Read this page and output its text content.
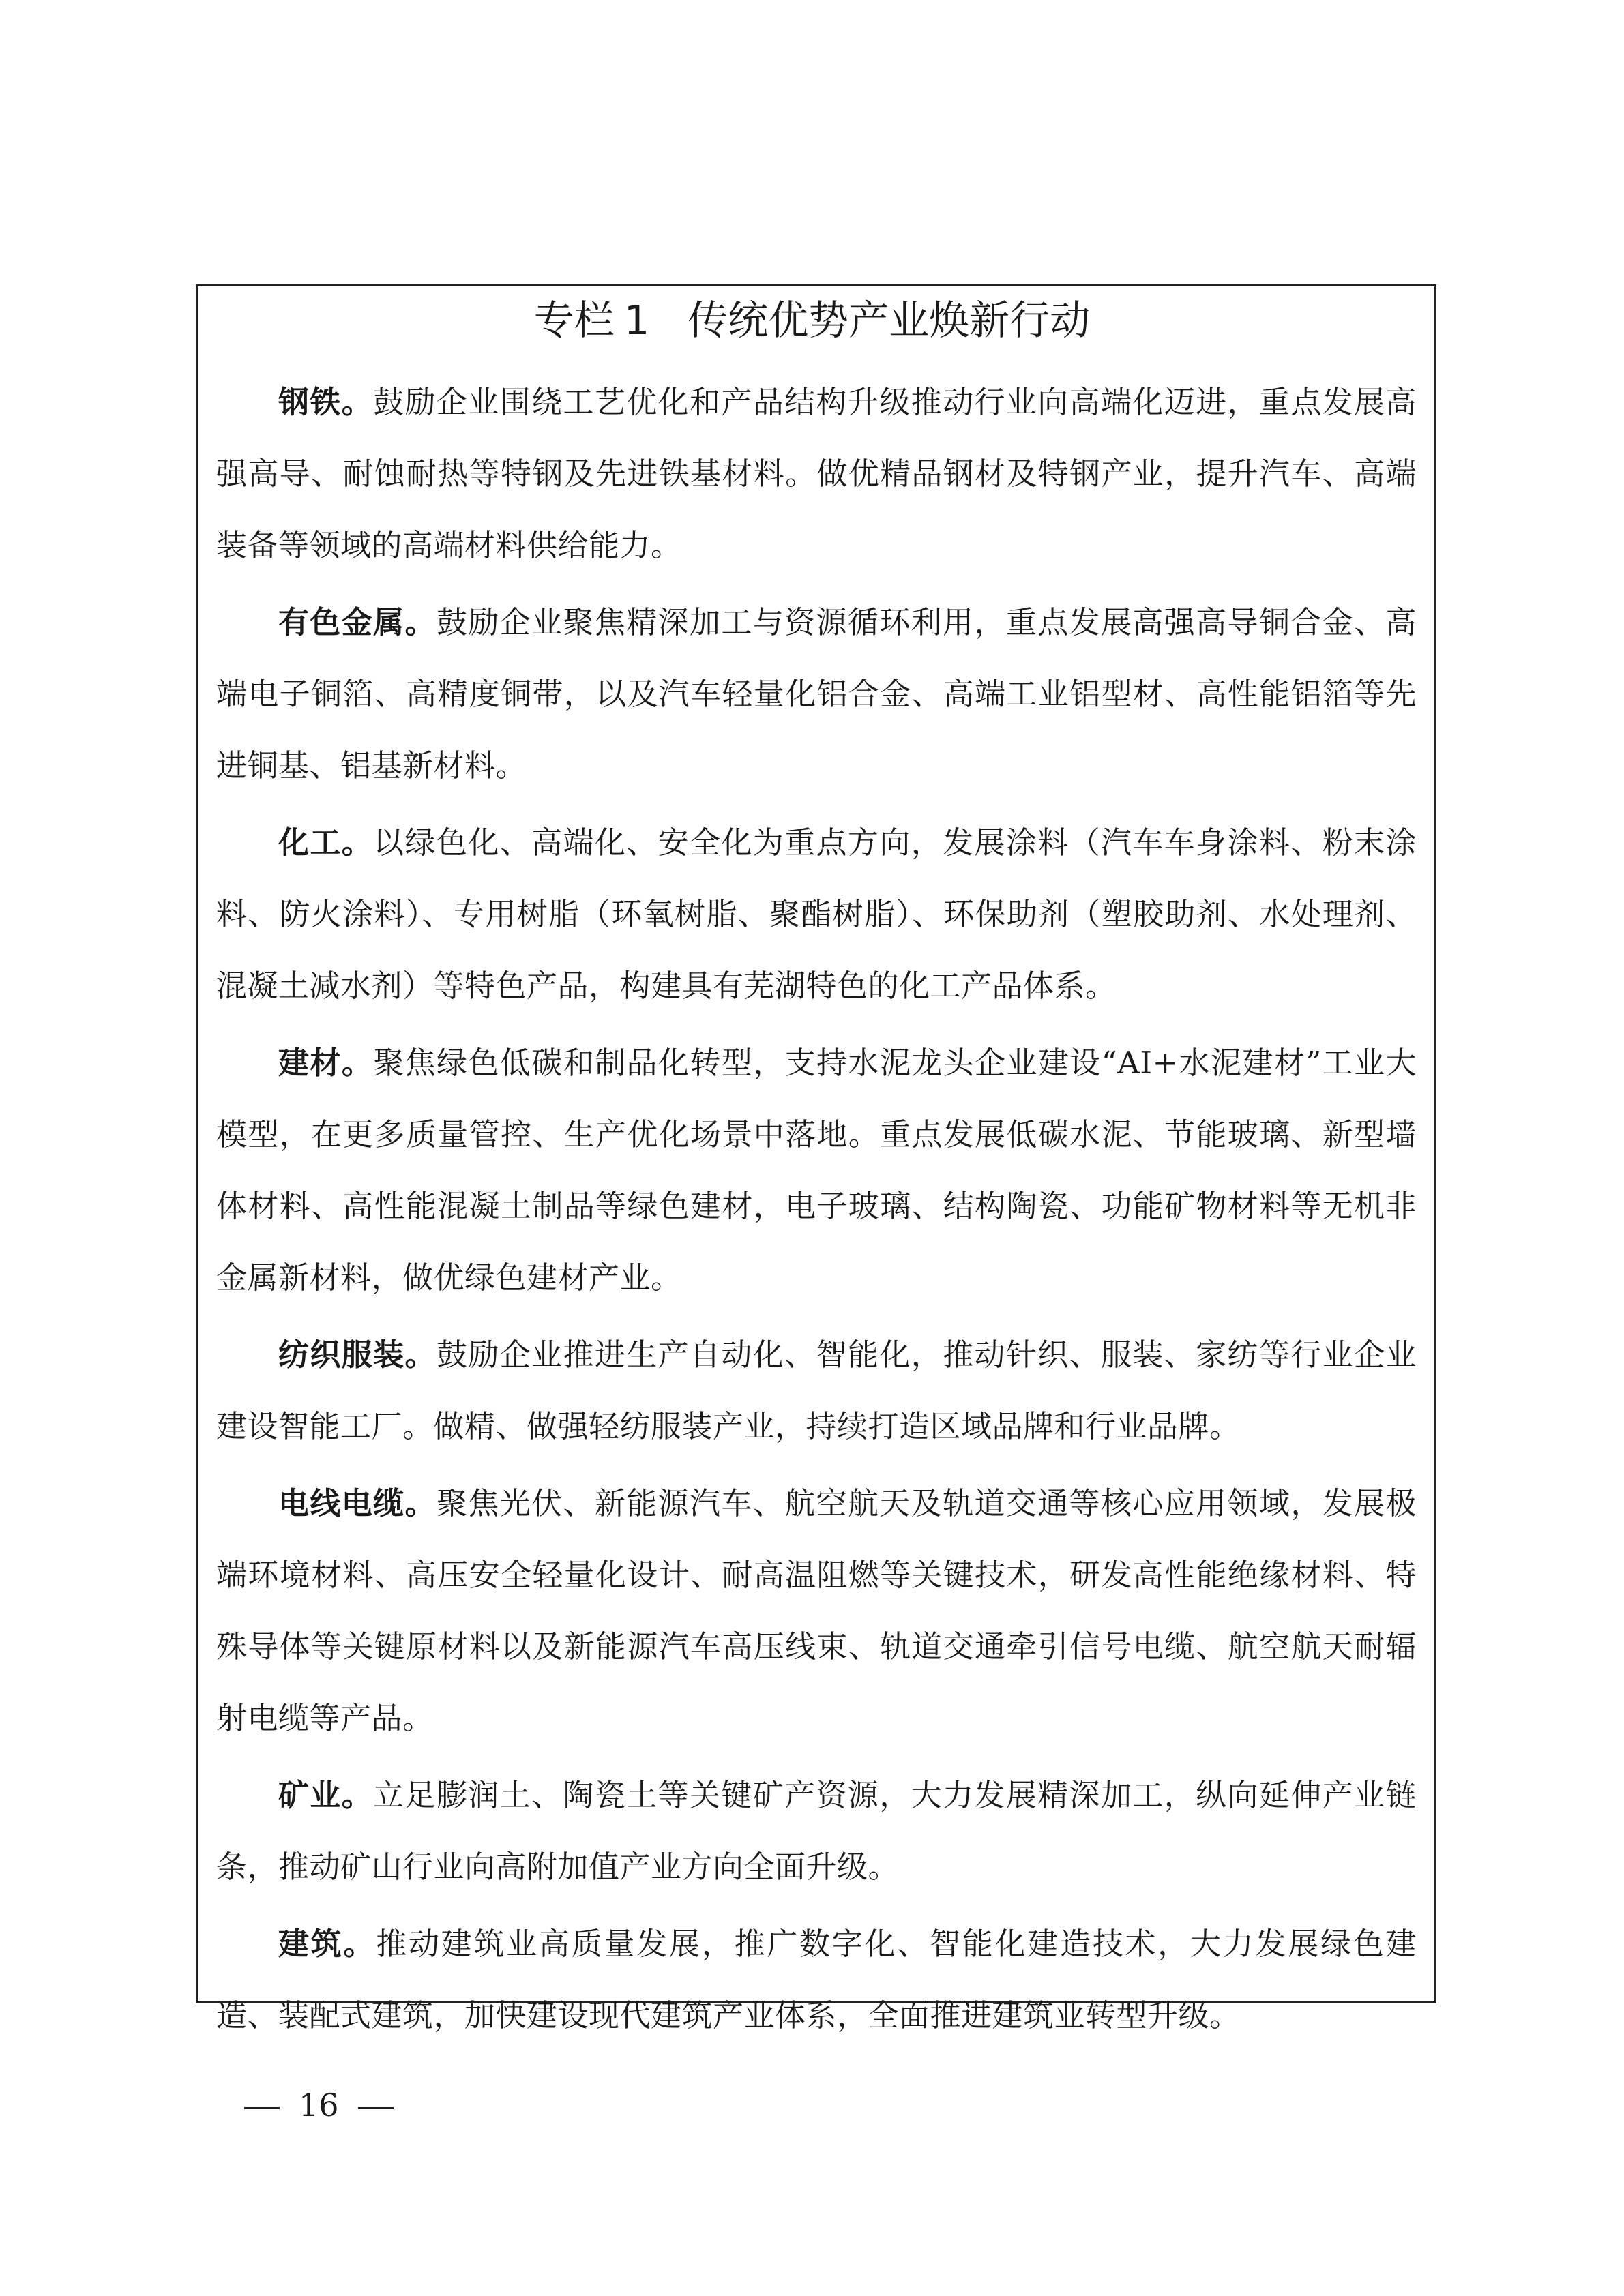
专栏 1 传统优势产业焕新行动

钢铁。鼓励企业围绕工艺优化和产品结构升级推动行业向高端化迈进，重点发展高强高导、耐蚀耐热等特钢及先进铁基材料。做优精品钢材及特钢产业，提升汽车、高端装备等领域的高端材料供给能力。

有色金属。鼓励企业聚焦精深加工与资源循环利用，重点发展高强高导铜合金、高端电子铜箔、高精度铜带，以及汽车轻量化铝合金、高端工业铝型材、高性能铝箔等先进铜基、铝基新材料。

化工。以绿色化、高端化、安全化为重点方向，发展涂料（汽车车身涂料、粉末涂料、防火涂料）、专用树脂（环氧树脂、聚酯树脂）、环保助剂（塑胶助剂、水处理剂、混凝土减水剂）等特色产品，构建具有芜湖特色的化工产品体系。

建材。聚焦绿色低碳和制品化转型，支持水泥龙头企业建设“AI+水泥建材”工业大模型，在更多质量管控、生产优化场景中落地。重点发展低碳水泥、节能玻璃、新型墙体材料、高性能混凝土制品等绿色建材，电子玻璃、结构陶瓷、功能矿物材料等无机非金属新材料，做优绿色建材产业。

纺织服装。鼓励企业推进生产自动化、智能化，推动针织、服装、家纺等行业企业建设智能工厂。做精、做强轻纺服装产业，持续打造区域品牌和行业品牌。

电线电缆。聚焦光伏、新能源汽车、航空航天及轨道交通等核心应用领域，发展极端环境材料、高压安全轻量化设计、耐高温阻燃等关键技术，研发高性能绝缘材料、特殊导体等关键原材料以及新能源汽车高压线束、轨道交通牵引信号电缆、航空航天耐辐射电缆等产品。

矿业。立足膨润土、陶瓷土等关键矿产资源，大力发展精深加工，纵向延伸产业链条，推动矿山行业向高附加值产业方向全面升级。

建筑。推动建筑业高质量发展，推广数字化、智能化建造技术，大力发展绿色建造、装配式建筑，加快建设现代建筑产业体系，全面推进建筑业转型升级。

16
